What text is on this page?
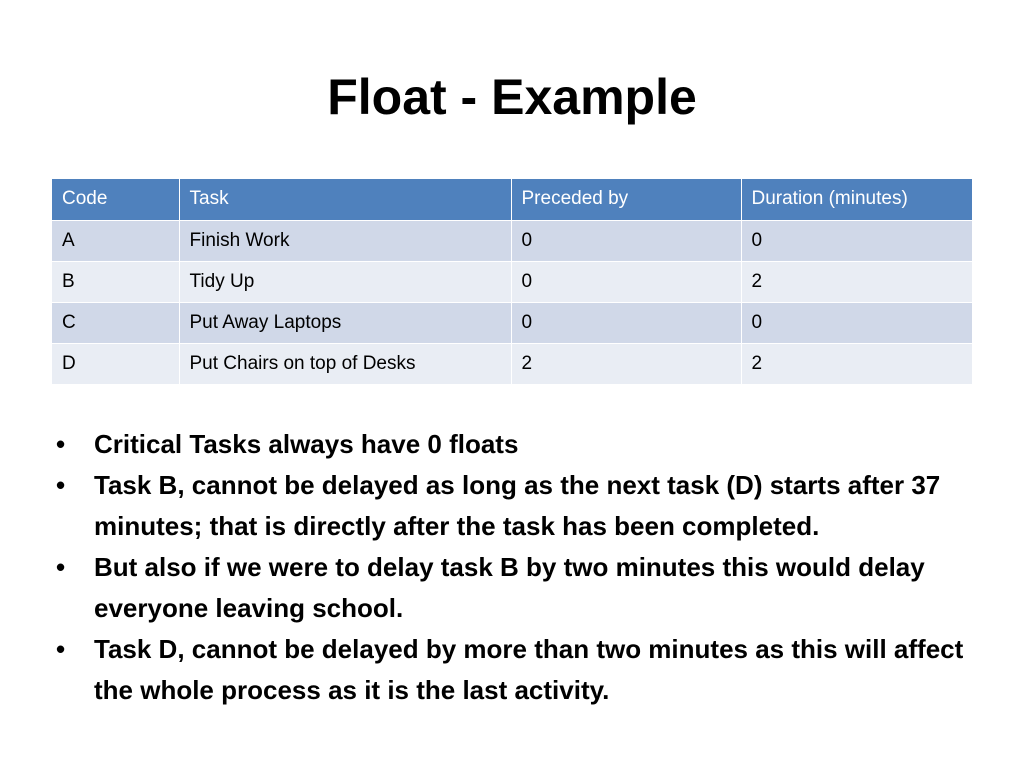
Float - Example
Code	Task	Preceded by	Duration (minutes)
A	Finish Work	0	0
B	Tidy Up	0	2
C	Put Away Laptops	0	0
D	Put Chairs on top of Desks	2	2
• Critical Tasks always have 0 floats
• Task B, cannot be delayed as long as the next task (D) starts after 37 minutes; that is directly after the task has been completed.
• But also if we were to delay task B by two minutes this would delay everyone leaving school.
• Task D, cannot be delayed by more than two minutes as this will affect the whole process as it is the last activity.
